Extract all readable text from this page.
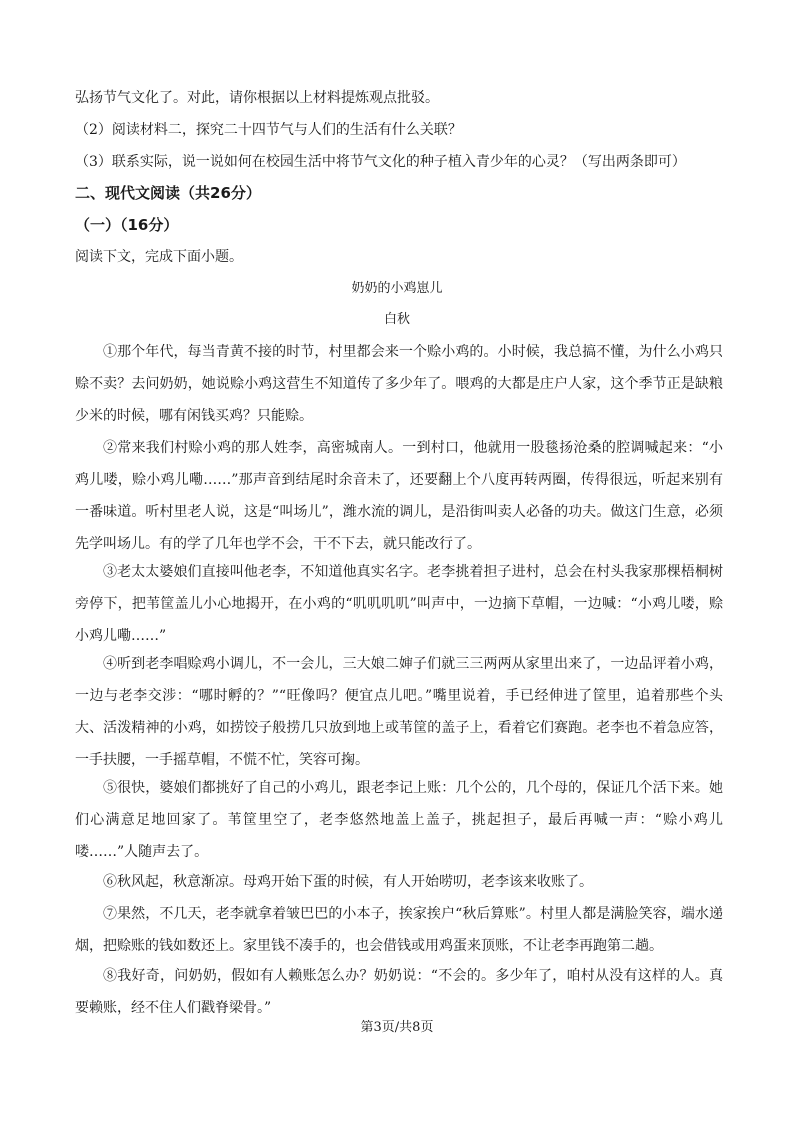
弘扬节气文化了。对此，请你根据以上材料提炼观点批驳。
（2）阅读材料二，探究二十四节气与人们的生活有什么关联？
（3）联系实际，说一说如何在校园生活中将节气文化的种子植入青少年的心灵？（写出两条即可）
二、现代文阅读（共26分）
（一）（16分）
阅读下文，完成下面小题。
奶奶的小鸡崽儿
白秋
①那个年代，每当青黄不接的时节，村里都会来一个赊小鸡的。小时候，我总搞不懂，为什么小鸡只赊不卖？去问奶奶，她说赊小鸡这营生不知道传了多少年了。喂鸡的大都是庄户人家，这个季节正是缺粮少米的时候，哪有闲钱买鸡？只能赊。
②常来我们村赊小鸡的那人姓李，高密城南人。一到村口，他就用一股毯扬沧桑的腔调喊起来：“小鸡儿喽，赊小鸡儿嘞……”那声音到结尾时余音未了，还要翻上个八度再转两圈，传得很远，听起来别有一番味道。听村里老人说，这是“叫场儿”，潍水流的调儿，是沿街叫卖人必备的功夫。做这门生意，必须先学叫场儿。有的学了几年也学不会，干不下去，就只能改行了。
③老太太婆娘们直接叫他老李，不知道他真实名字。老李挑着担子进村，总会在村头我家那棵梧桐树旁停下，把苇筐盖儿小心地揭开，在小鸡的“叽叽叽叽”叫声中，一边摘下草帽，一边喊：“小鸡儿喽，赊小鸡儿嘞……”
④听到老李唱赊鸡小调儿，不一会儿，三大娘二婶子们就三三两两从家里出来了，一边品评着小鸡，一边与老李交涉：“哪时孵的？”“旺像吗？便宜点儿吧。”嘴里说着，手已经伸进了筐里，追着那些个头大、活泼精神的小鸡，如捞饺子般捞几只放到地上或苇筐的盖子上，看着它们赛跑。老李也不着急应答，一手扶腰，一手摇草帽，不慌不忙，笑容可掬。
⑤很快，婆娘们都挑好了自己的小鸡儿，跟老李记上账：几个公的，几个母的，保证几个活下来。她们心满意足地回家了。苇筐里空了，老李悠然地盖上盖子，挑起担子，最后再喊一声：“赊小鸡儿喽……”人随声去了。
⑥秋风起，秋意渐凉。母鸡开始下蛋的时候，有人开始唠叨，老李该来收账了。
⑦果然，不几天，老李就拿着皱巴巴的小本子，挨家挨户“秋后算账”。村里人都是满脸笑容，端水递烟，把赊账的钱如数还上。家里钱不凑手的，也会借钱或用鸡蛋来顶账，不让老李再跑第二趟。
⑧我好奇，问奶奶，假如有人赖账怎么办？奶奶说：“不会的。多少年了，咱村从没有这样的人。真要赖账，经不住人们戳脊梁骨。”
第3页/共8页
